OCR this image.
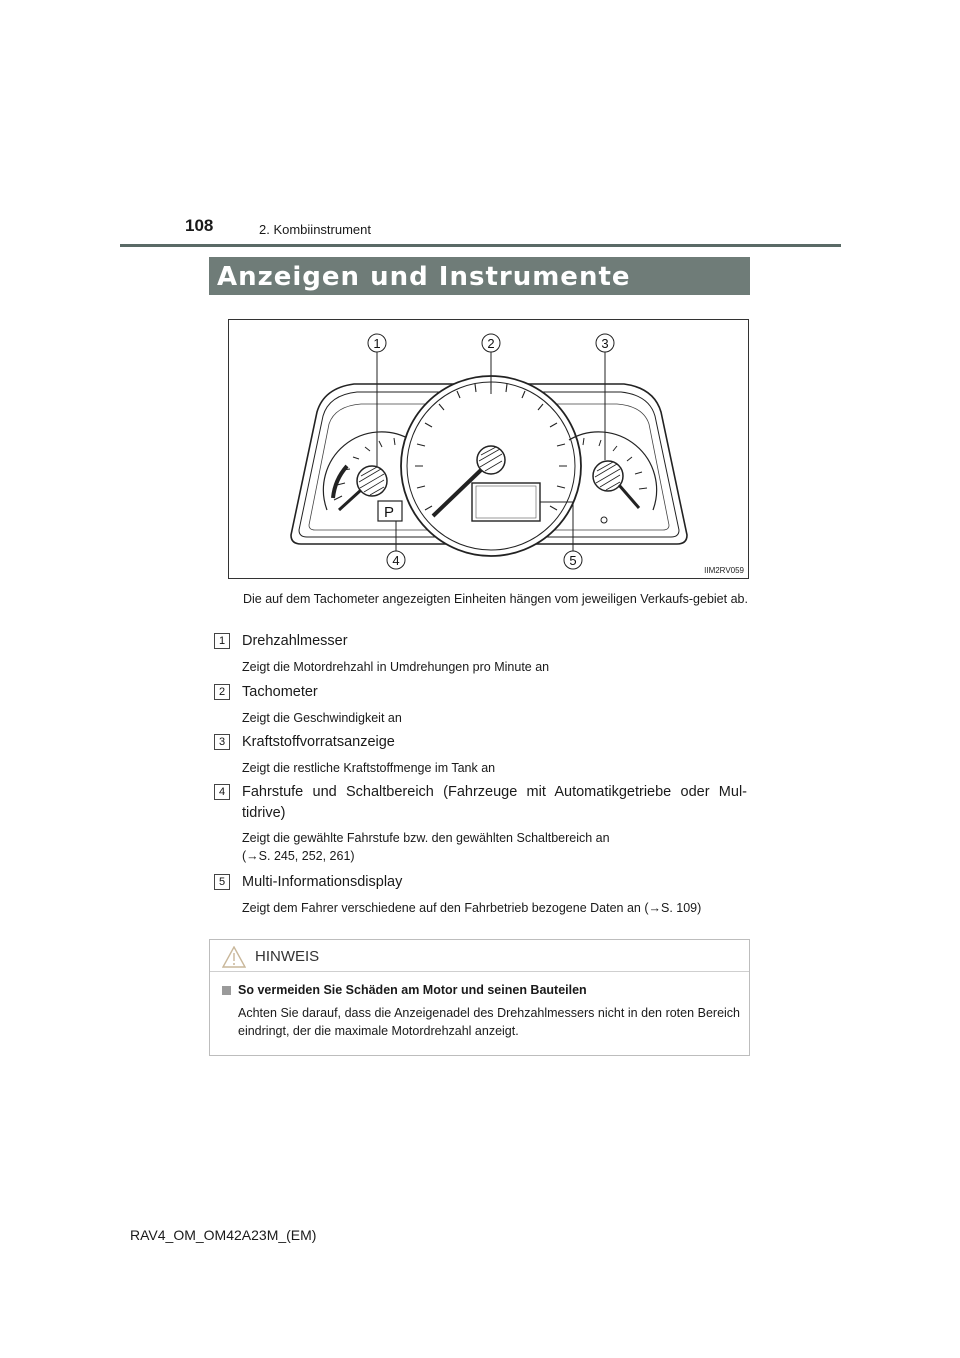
108	2. Kombiinstrument
Anzeigen und Instrumente
P
1	2	3
4	5
IIM2RV059
Die auf dem Tachometer angezeigten Einheiten hängen vom jeweiligen Verkaufs-gebiet ab.
1	Drehzahlmesser
Zeigt die Motordrehzahl in Umdrehungen pro Minute an
2	Tachometer
Zeigt die Geschwindigkeit an
3	Kraftstoffvorratsanzeige
Zeigt die restliche Kraftstoffmenge im Tank an
4	Fahrstufe und Schaltbereich (Fahrzeuge mit Automatikgetriebe oder Mul-tidrive)
Zeigt die gewählte Fahrstufe bzw. den gewählten Schaltbereich an
(→S. 245, 252, 261)
5	Multi-Informationsdisplay
Zeigt dem Fahrer verschiedene auf den Fahrbetrieb bezogene Daten an (→S. 109)
HINWEIS
So vermeiden Sie Schäden am Motor und seinen Bauteilen
Achten Sie darauf, dass die Anzeigenadel des Drehzahlmessers nicht in den roten Bereich eindringt, der die maximale Motordrehzahl anzeigt.
RAV4_OM_OM42A23M_(EM)
